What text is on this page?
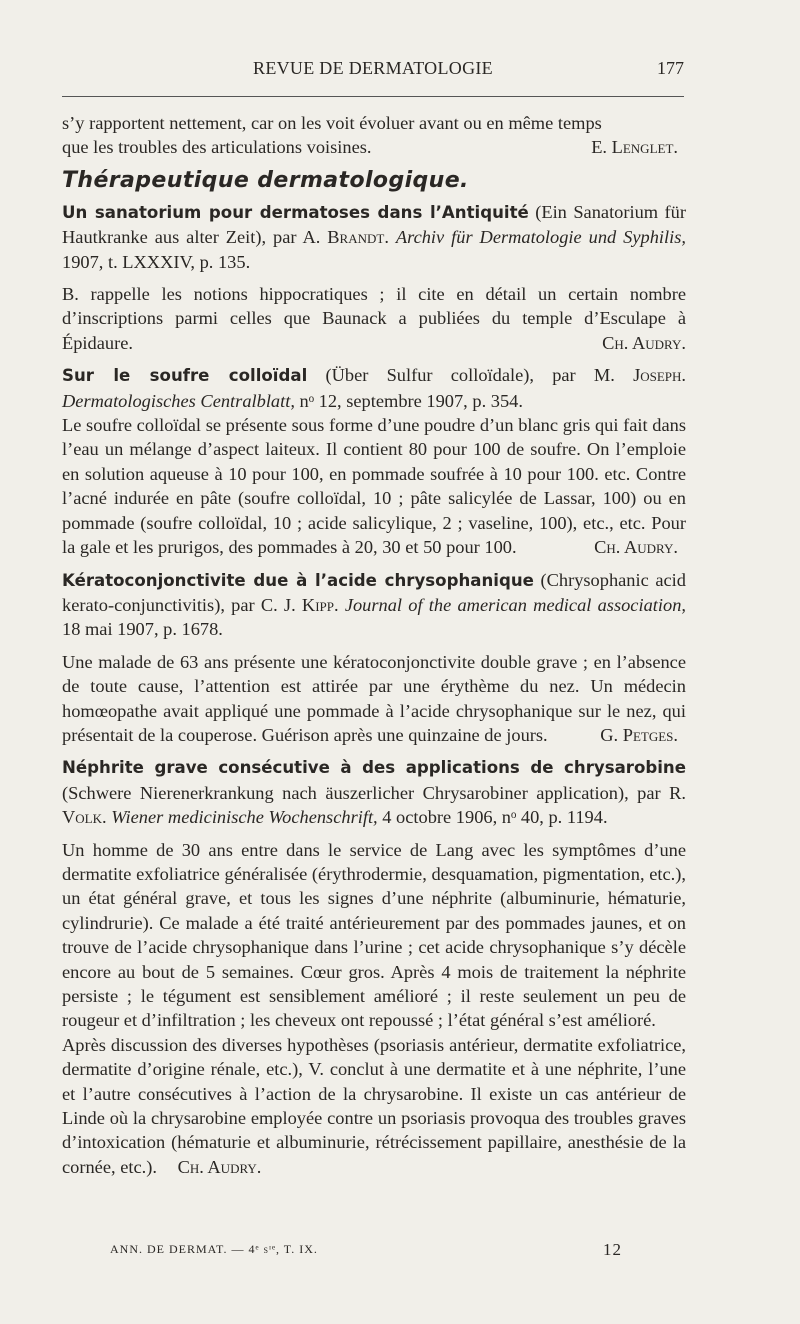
REVUE DE DERMATOLOGIE	177

s’y rapportent nettement, car on les voit évoluer avant ou en même temps

que les troubles des articulations voisines.	E. Lenglet.

Thérapeutique dermatologique.

Un sanatorium pour dermatoses dans l’Antiquité (Ein Sanatorium für Hautkranke aus alter Zeit), par A. Brandt. Archiv für Dermatologie und Syphilis, 1907, t. LXXXIV, p. 135.

B. rappelle les notions hippocratiques ; il cite en détail un certain nombre d’inscriptions parmi celles que Baunack a publiées du temple d’Esculape à Épidaure.	Ch. Audry.

Sur le soufre colloïdal (Über Sulfur colloïdale), par M. Joseph. Dermatologisches Centralblatt, nᵒ 12, septembre 1907, p. 354.

Le soufre colloïdal se présente sous forme d’une poudre d’un blanc gris qui fait dans l’eau un mélange d’aspect laiteux. Il contient 80 pour 100 de soufre. On l’emploie en solution aqueuse à 10 pour 100, en pommade soufrée à 10 pour 100. etc. Contre l’acné indurée en pâte (soufre colloïdal, 10 ; pâte salicylée de Lassar, 100) ou en pommade (soufre colloïdal, 10 ; acide salicylique, 2 ; vaseline, 100), etc., etc. Pour la gale et les prurigos, des pommades à 20, 30 et 50 pour 100.	Ch. Audry.

Kératoconjonctivite due à l’acide chrysophanique (Chrysophanic acid kerato-conjunctivitis), par C. J. Kipp. Journal of the american medical association, 18 mai 1907, p. 1678.

Une malade de 63 ans présente une kératoconjonctivite double grave ; en l’absence de toute cause, l’attention est attirée par une érythème du nez. Un médecin homœopathe avait appliqué une pommade à l’acide chrysophanique sur le nez, qui présentait de la couperose. Guérison après une quinzaine de jours.	G. Petges.

Néphrite grave consécutive à des applications de chrysarobine (Schwere Nierenerkrankung nach äuszerlicher Chrysarobiner application), par R. Volk. Wiener medicinische Wochenschrift, 4 octobre 1906, nᵒ 40, p. 1194.

Un homme de 30 ans entre dans le service de Lang avec les symptômes d’une dermatite exfoliatrice généralisée (érythrodermie, desquamation, pigmentation, etc.), un état général grave, et tous les signes d’une néphrite (albuminurie, hématurie, cylindrurie). Ce malade a été traité antérieurement par des pommades jaunes, et on trouve de l’acide chrysophanique dans l’urine ; cet acide chrysophanique s’y décèle encore au bout de 5 semaines. Cœur gros. Après 4 mois de traitement la néphrite persiste ; le tégument est sensiblement amélioré ; il reste seulement un peu de rougeur et d’infiltration ; les cheveux ont repoussé ; l’état général s’est amélioré.

Après discussion des diverses hypothèses (psoriasis antérieur, dermatite exfoliatrice, dermatite d’origine rénale, etc.), V. conclut à une dermatite et à une néphrite, l’une et l’autre consécutives à l’action de la chrysarobine. Il existe un cas antérieur de Linde où la chrysarobine employée contre un psoriasis provoqua des troubles graves d’intoxication (hématurie et albuminurie, rétrécissement papillaire, anesthésie de la cornée, etc.). Ch. Audry.

ANN. DE DERMAT. — 4ᵉ sᶦᵉ, T. IX.	12
